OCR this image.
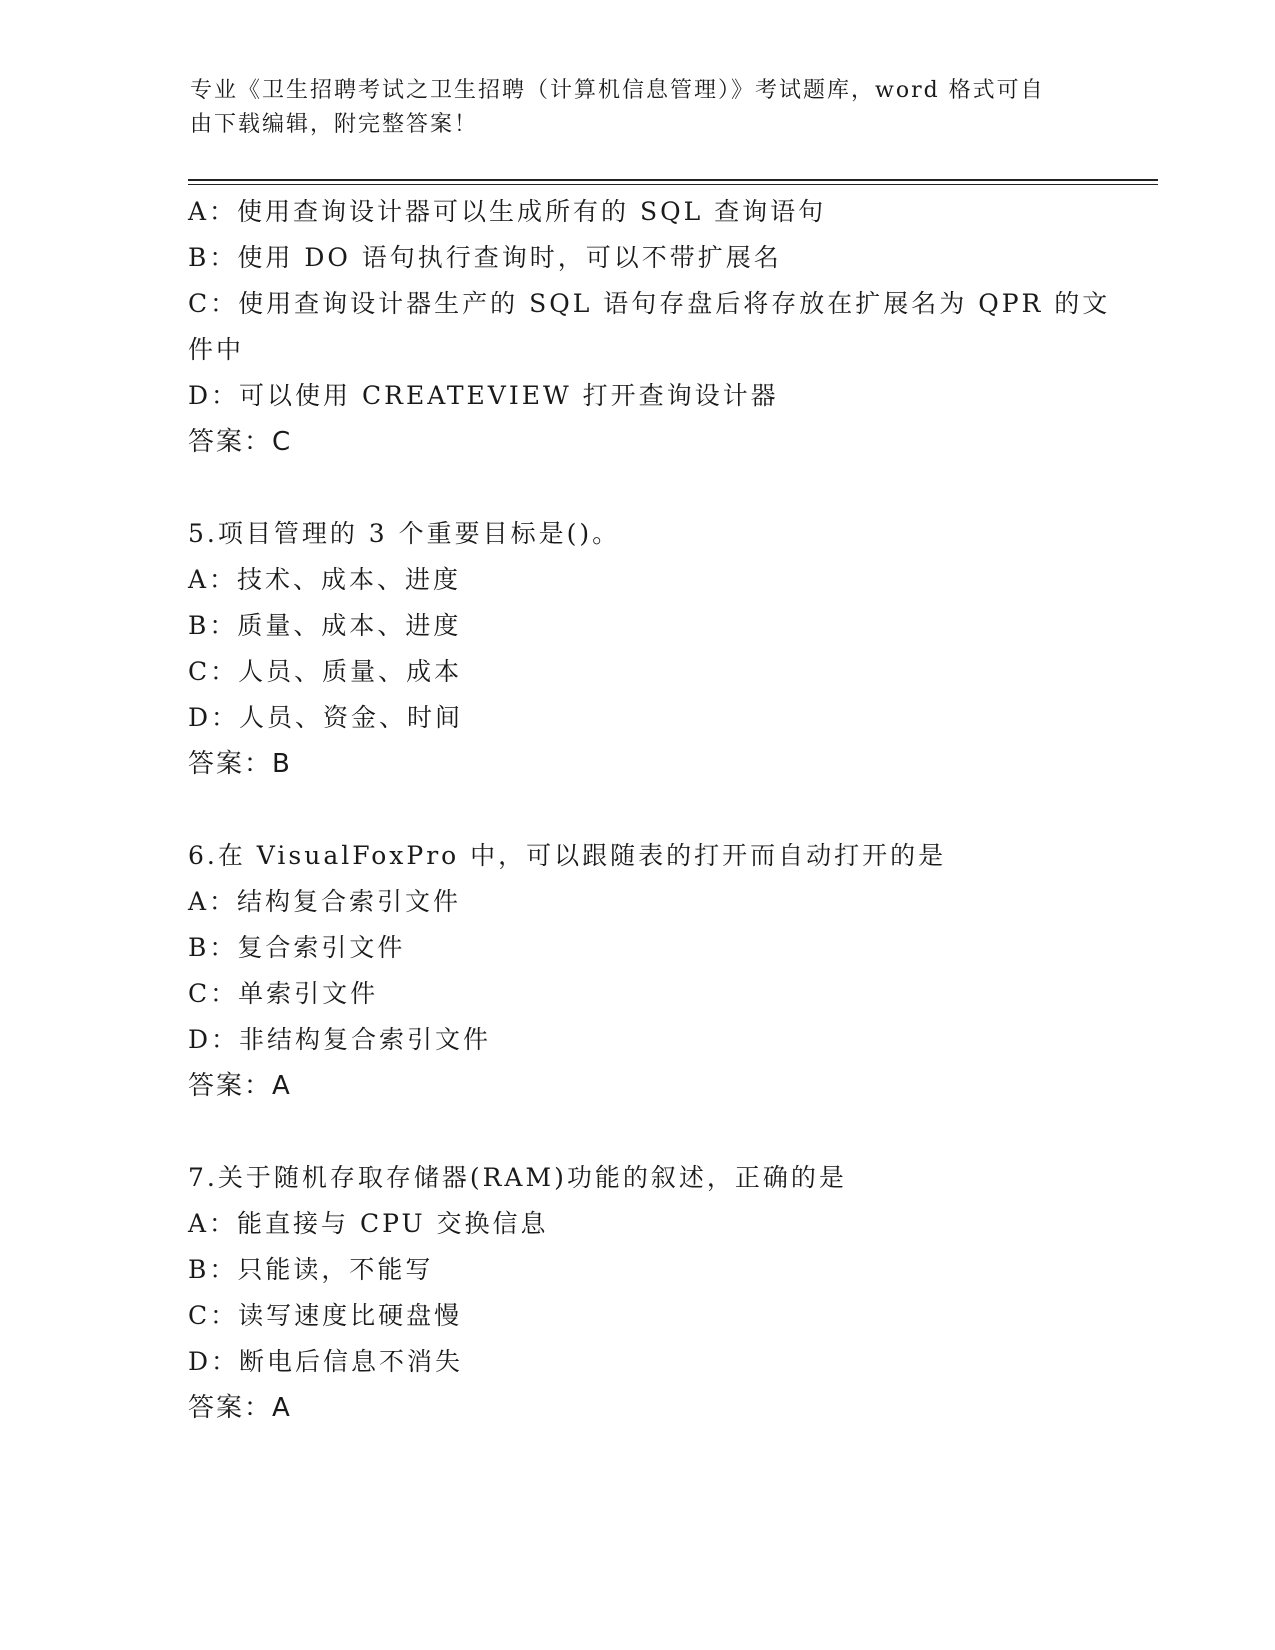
专业《卫生招聘考试之卫生招聘（计算机信息管理）》考试题库，word 格式可自
由下载编辑，附完整答案！
A：使用查询设计器可以生成所有的 SQL 查询语句
B：使用 DO 语句执行查询时，可以不带扩展名
C：使用查询设计器生产的 SQL 语句存盘后将存放在扩展名为 QPR 的文
件中
D：可以使用 CREATEVIEW 打开查询设计器
答案：C
5.项目管理的 3 个重要目标是()。
A：技术、成本、进度
B：质量、成本、进度
C：人员、质量、成本
D：人员、资金、时间
答案：B
6.在 VisualFoxPro 中，可以跟随表的打开而自动打开的是
A：结构复合索引文件
B：复合索引文件
C：单索引文件
D：非结构复合索引文件
答案：A
7.关于随机存取存储器(RAM)功能的叙述，正确的是
A：能直接与 CPU 交换信息
B：只能读，不能写
C：读写速度比硬盘慢
D：断电后信息不消失
答案：A
